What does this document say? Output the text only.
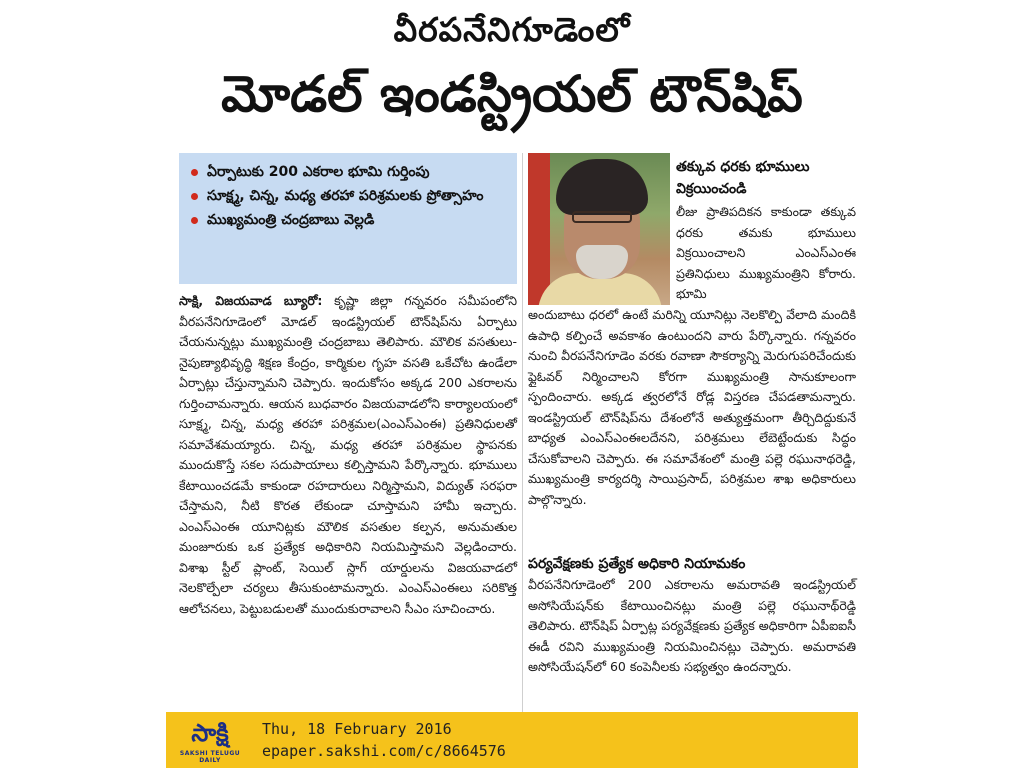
వీరపనేనిగూడెంలో
మోడల్ ఇండస్ట్రియల్ టౌన్‌షిప్
ఏర్పాటుకు 200 ఎకరాల భూమి గుర్తింపు
సూక్ష్మ, చిన్న, మధ్య తరహా పరిశ్రమలకు ప్రోత్సాహం
ముఖ్యమంత్రి చంద్రబాబు వెల్లడి
సాక్షి, విజయవాడ బ్యూరో: కృష్ణా జిల్లా గన్నవరం సమీపంలోని వీరపనేనిగూడెంలో మోడల్ ఇండస్ట్రియల్ టౌన్‌షిప్‌ను ఏర్పాటు చేయనున్నట్లు ముఖ్యమంత్రి చంద్రబాబు తెలిపారు. మౌలిక వసతులు-నైపుణ్యాభివృద్ధి శిక్షణ కేంద్రం, కార్మికుల గృహ వసతి ఒకేచోట ఉండేలా ఏర్పాట్లు చేస్తున్నామని చెప్పారు. ఇందుకోసం అక్కడ 200 ఎకరాలను గుర్తించామన్నారు. ఆయన బుధవారం విజయవాడలోని కార్యాలయంలో సూక్ష్మ, చిన్న, మధ్య తరహా పరిశ్రమల(ఎంఎస్ఎంఈ) ప్రతినిధులతో సమావేశమయ్యారు. చిన్న, మధ్య తరహా పరిశ్రమల స్థాపనకు ముందుకొస్తే సకల సదుపాయాలు కల్పిస్తామని పేర్కొన్నారు. భూములు కేటాయించడమే కాకుండా రహదారులు నిర్మిస్తామని, విద్యుత్ సరఫరా చేస్తామని, నీటి కొరత లేకుండా చూస్తామని హామీ ఇచ్చారు. ఎంఎస్ఎంఈ యూనిట్లకు మౌలిక వసతుల కల్పన, అనుమతుల మంజూరుకు ఒక ప్రత్యేక అధికారిని నియమిస్తామని వెల్లడించారు. విశాఖ స్టీల్ ప్లాంట్, సెయిల్ స్లాగ్ యార్డులను విజయవాడలో నెలకొల్పేలా చర్యలు తీసుకుంటామన్నారు. ఎంఎస్ఎంఈలు సరికొత్త ఆలోచనలు, పెట్టుబడులతో ముందుకురావాలని సీఎం సూచించారు.
తక్కువ ధరకు భూములు విక్రయించండి
లీజు ప్రాతిపదికన కాకుండా తక్కువ ధరకు తమకు భూములు విక్రయించాలని ఎంఎస్ఎంఈ ప్రతినిధులు ముఖ్యమంత్రిని కోరారు. భూమి
అందుబాటు ధరలో ఉంటే మరిన్ని యూనిట్లు నెలకొల్పి వేలాది మందికి ఉపాధి కల్పించే అవకాశం ఉంటుందని వారు పేర్కొన్నారు. గన్నవరం నుంచి వీరపనేనిగూడెం వరకు రవాణా సౌకర్యాన్ని మెరుగుపరిచేందుకు ఫ్లైఓవర్ నిర్మించాలని కోరగా ముఖ్యమంత్రి సానుకూలంగా స్పందించారు. అక్కడ త్వరలోనే రోడ్ల విస్తరణ చేపడతామన్నారు. ఇండస్ట్రియల్ టౌన్‌షిప్‌ను దేశంలోనే అత్యుత్తమంగా తీర్చిదిద్దుకునే బాధ్యత ఎంఎస్ఎంఈలదేనని, పరిశ్రమలు లేబెట్టేందుకు సిద్ధం చేసుకోవాలని చెప్పారు. ఈ సమావేశంలో మంత్రి పల్లె రఘునాథరెడ్డి, ముఖ్యమంత్రి కార్యదర్శి సాయిప్రసాద్, పరిశ్రమల శాఖ అధికారులు పాల్గొన్నారు.
పర్యవేక్షణకు ప్రత్యేక అధికారి నియామకం
వీరపనేనిగూడెంలో 200 ఎకరాలను అమరావతి ఇండస్ట్రియల్ అసోసియేషన్‌కు కేటాయించినట్లు మంత్రి పల్లె రఘునాథ్‌రెడ్డి తెలిపారు. టౌన్‌షిప్ ఏర్పాట్ల పర్యవేక్షణకు ప్రత్యేక అధికారిగా ఏపీఐఐసీ ఈడీ రవిని ముఖ్యమంత్రి నియమించినట్లు చెప్పారు. అమరావతి అసోసియేషన్‌లో 60 కంపెనీలకు సభ్యత్వం ఉందన్నారు.
సాక్షి
SAKSHI TELUGU DAILY
Thu, 18 February 2016
epaper.sakshi.com/c/8664576
